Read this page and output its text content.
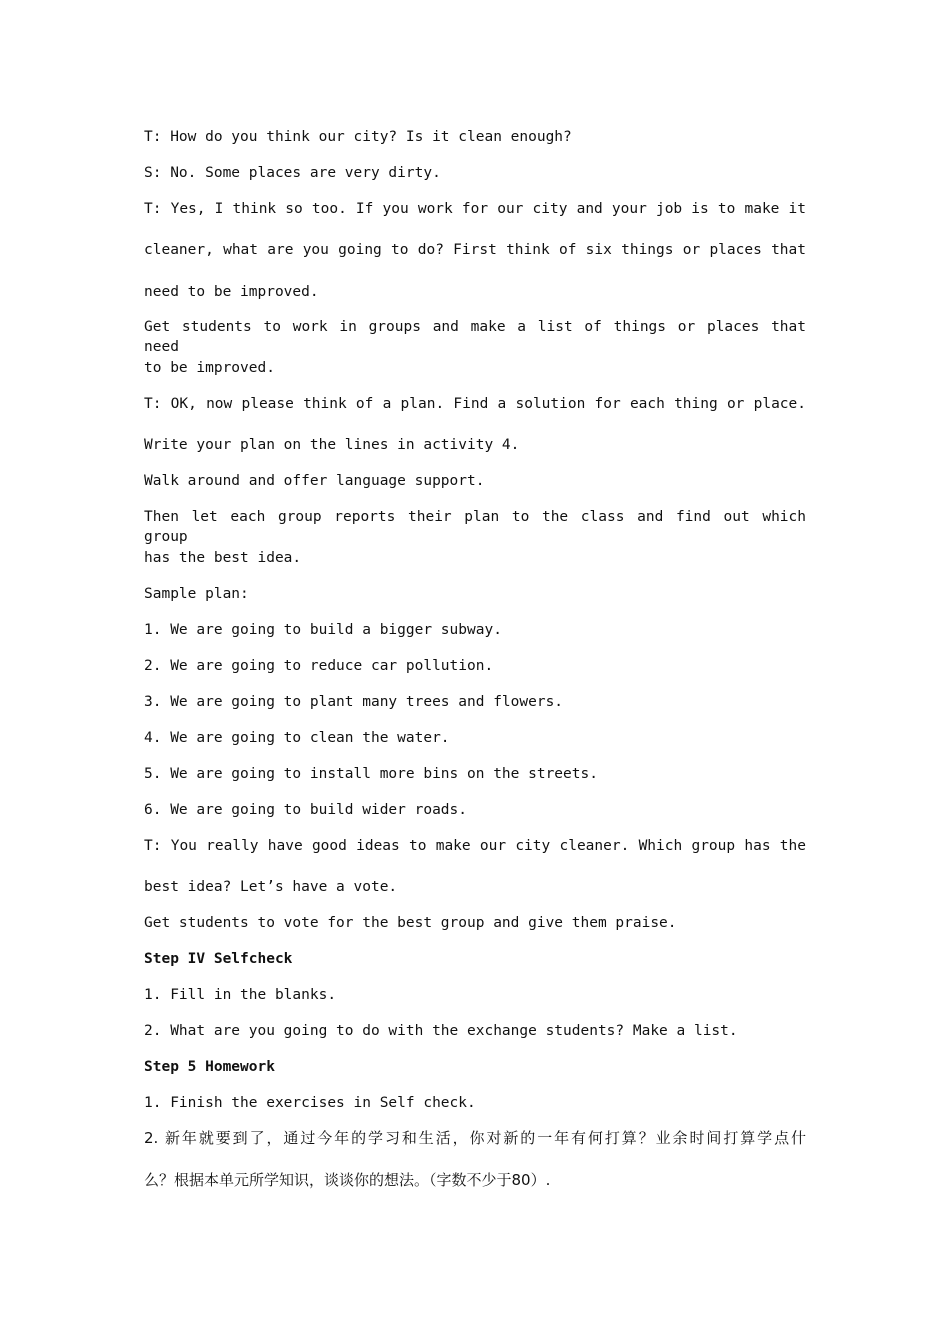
T: How do you think our city? Is it clean enough?
S: No. Some places are very dirty.
T: Yes, I think so too. If you work for our city and your job is to make it
cleaner, what are you going to do? First think of six things or places that
need to be improved.
Get students to work in groups and make a list of things or places that need
to be improved.
T: OK, now please think of a plan. Find a solution for each thing or place.
Write your plan on the lines in activity 4.
Walk around and offer language support.
Then let each group reports their plan to the class and find out which group
has the best idea.
Sample plan:
1. We are going to build a bigger subway.
2. We are going to reduce car pollution.
3. We are going to plant many trees and flowers.
4. We are going to clean the water.
5. We are going to install more bins on the streets.
6. We are going to build wider roads.
T: You really have good ideas to make our city cleaner. Which group has the
best idea? Let’s have a vote.
Get students to vote for the best group and give them praise.
Step IV Selfcheck
1. Fill in the blanks.
2. What are you going to do with the exchange students? Make a list.
Step 5 Homework
1. Finish the exercises in Self check.
2. 新年就要到了，通过今年的学习和生活，你对新的一年有何打算？业余时间打算学点什
么？根据本单元所学知识，谈谈你的想法。（字数不少于80）.
